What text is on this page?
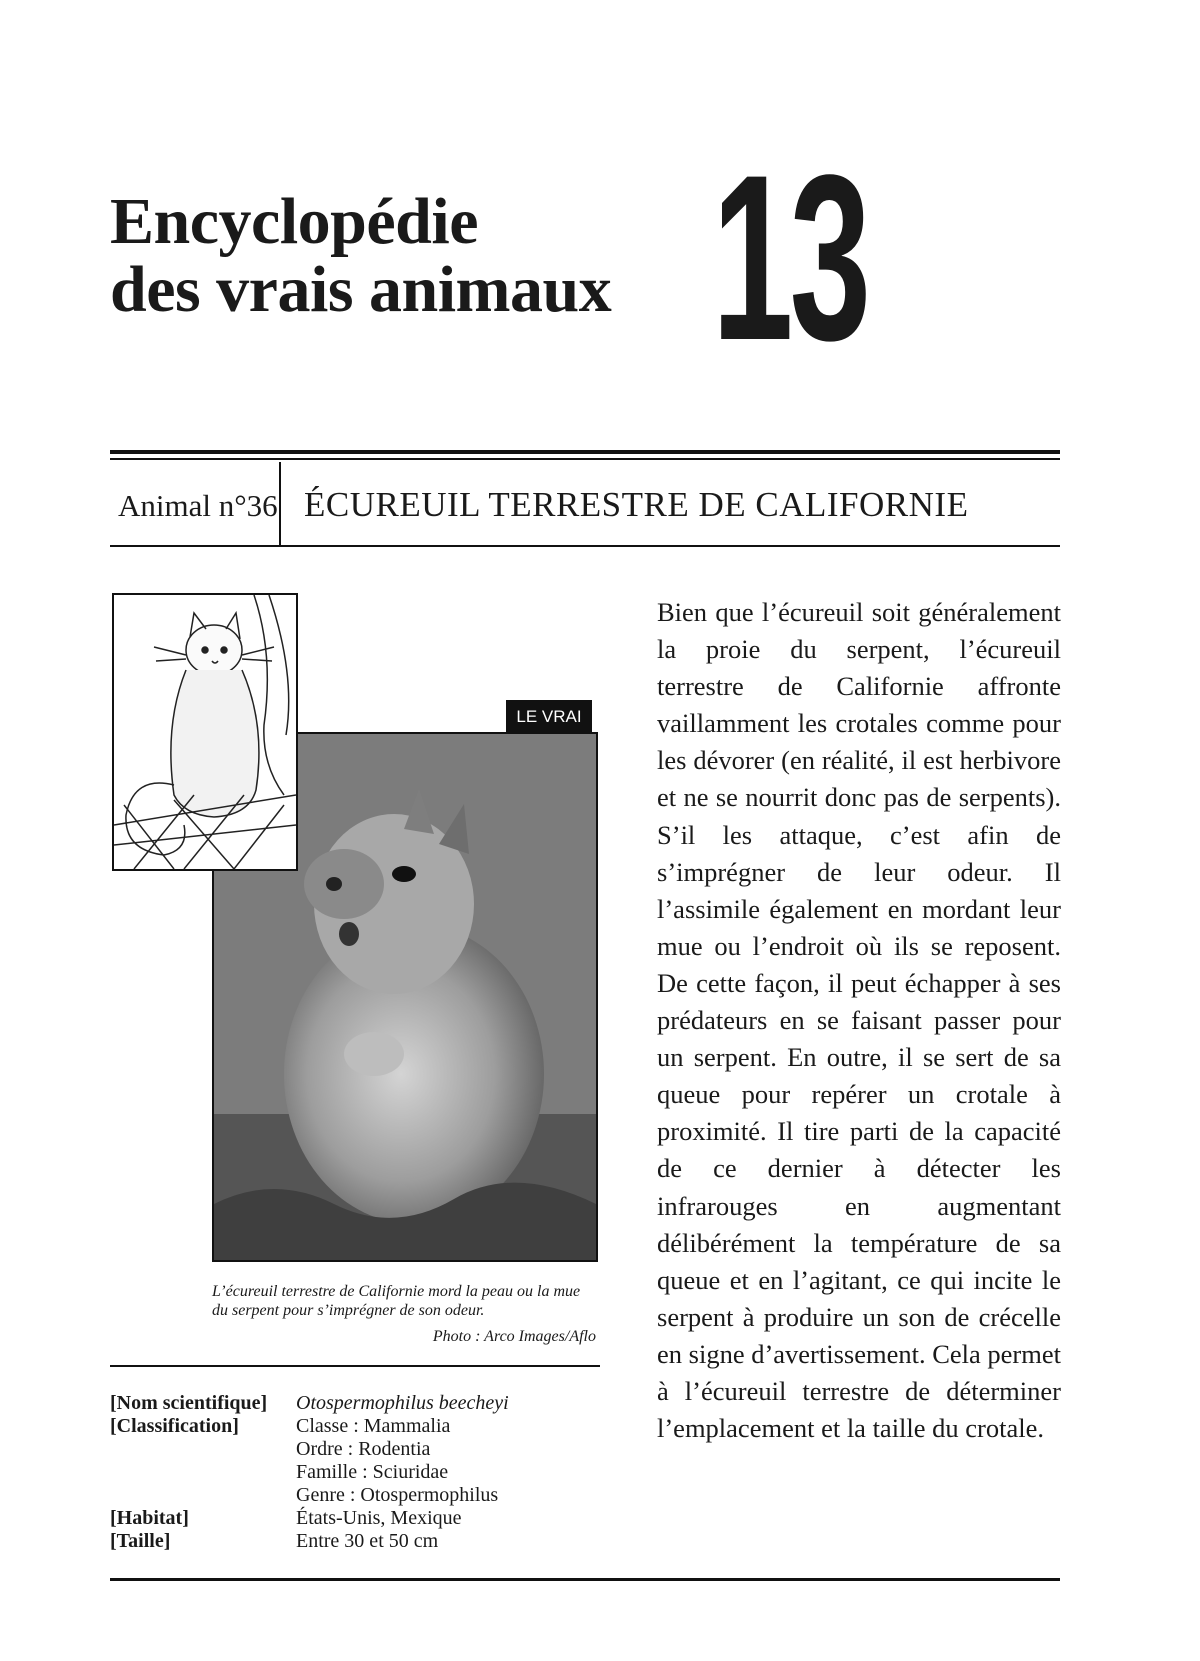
Encyclopédie
des vrais animaux 13
Animal n°36 ÉCUREUIL TERRESTRE DE CALIFORNIE
LE VRAI
L’écureuil terrestre de Californie mord la peau ou la mue du serpent pour s’imprégner de son odeur.
Photo : Arco Images/Aflo
[Nom scientifique] Otospermophilus beecheyi
[Classification]	Classe : Mammalia
Ordre : Rodentia
Famille : Sciuridae
Genre : Otospermophilus
[Habitat]	États-Unis, Mexique
[Taille]	Entre 30 et 50 cm

Bien que l’écureuil soit généralement la proie du serpent, l’écureuil terrestre de Californie affronte vaillamment les crotales comme pour les dévorer (en réalité, il est herbivore et ne se nourrit donc pas de serpents). S’il les attaque, c’est afin de s’imprégner de leur odeur. Il l’assimile également en mordant leur mue ou l’endroit où ils se reposent. De cette façon, il peut échapper à ses prédateurs en se faisant passer pour un serpent. En outre, il se sert de sa queue pour repérer un crotale à proximité. Il tire parti de la capacité de ce dernier à détecter les infrarouges en augmentant délibérément la température de sa queue et en l’agitant, ce qui incite le serpent à produire un son de crécelle en signe d’avertissement. Cela permet à l’écureuil terrestre de déterminer l’emplacement et la taille du crotale.
